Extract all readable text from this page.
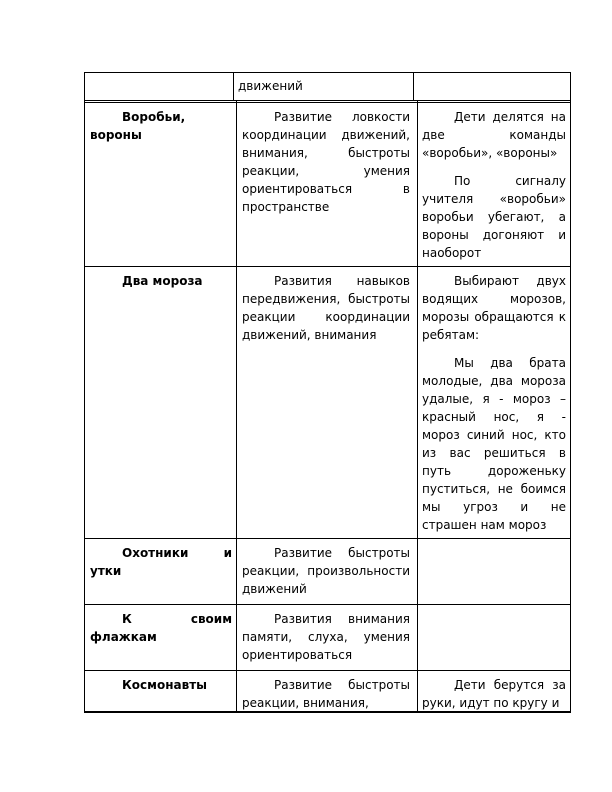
движений

Воробьи, вороны

Развитие ловкости координации движений, внимания, быстроты реакции, умения ориентироваться в пространстве

Дети делятся на две команды «воробьи», «вороны»

По сигналу учителя «воробьи» воробьи убегают, а вороны догоняют и наоборот

Два мороза	Развития навыков передвижения, быстроты реакции координации движений, внимания

Выбирают двух водящих морозов, морозы обращаются к ребятам:

Мы два брата молодые, два мороза удалые, я - мороз – красный нос, я - мороз синий нос, кто из вас решиться в путь дороженьку пуститься, не боимся мы угроз и не страшен нам мороз

Охотники и утки

Развитие быстроты реакции, произвольности движений

К своим флажкам

Развития внимания памяти, слуха, умения ориентироваться

Космонавты	Развитие быстроты реакции, внимания,

Дети берутся за руки, идут по кругу и
